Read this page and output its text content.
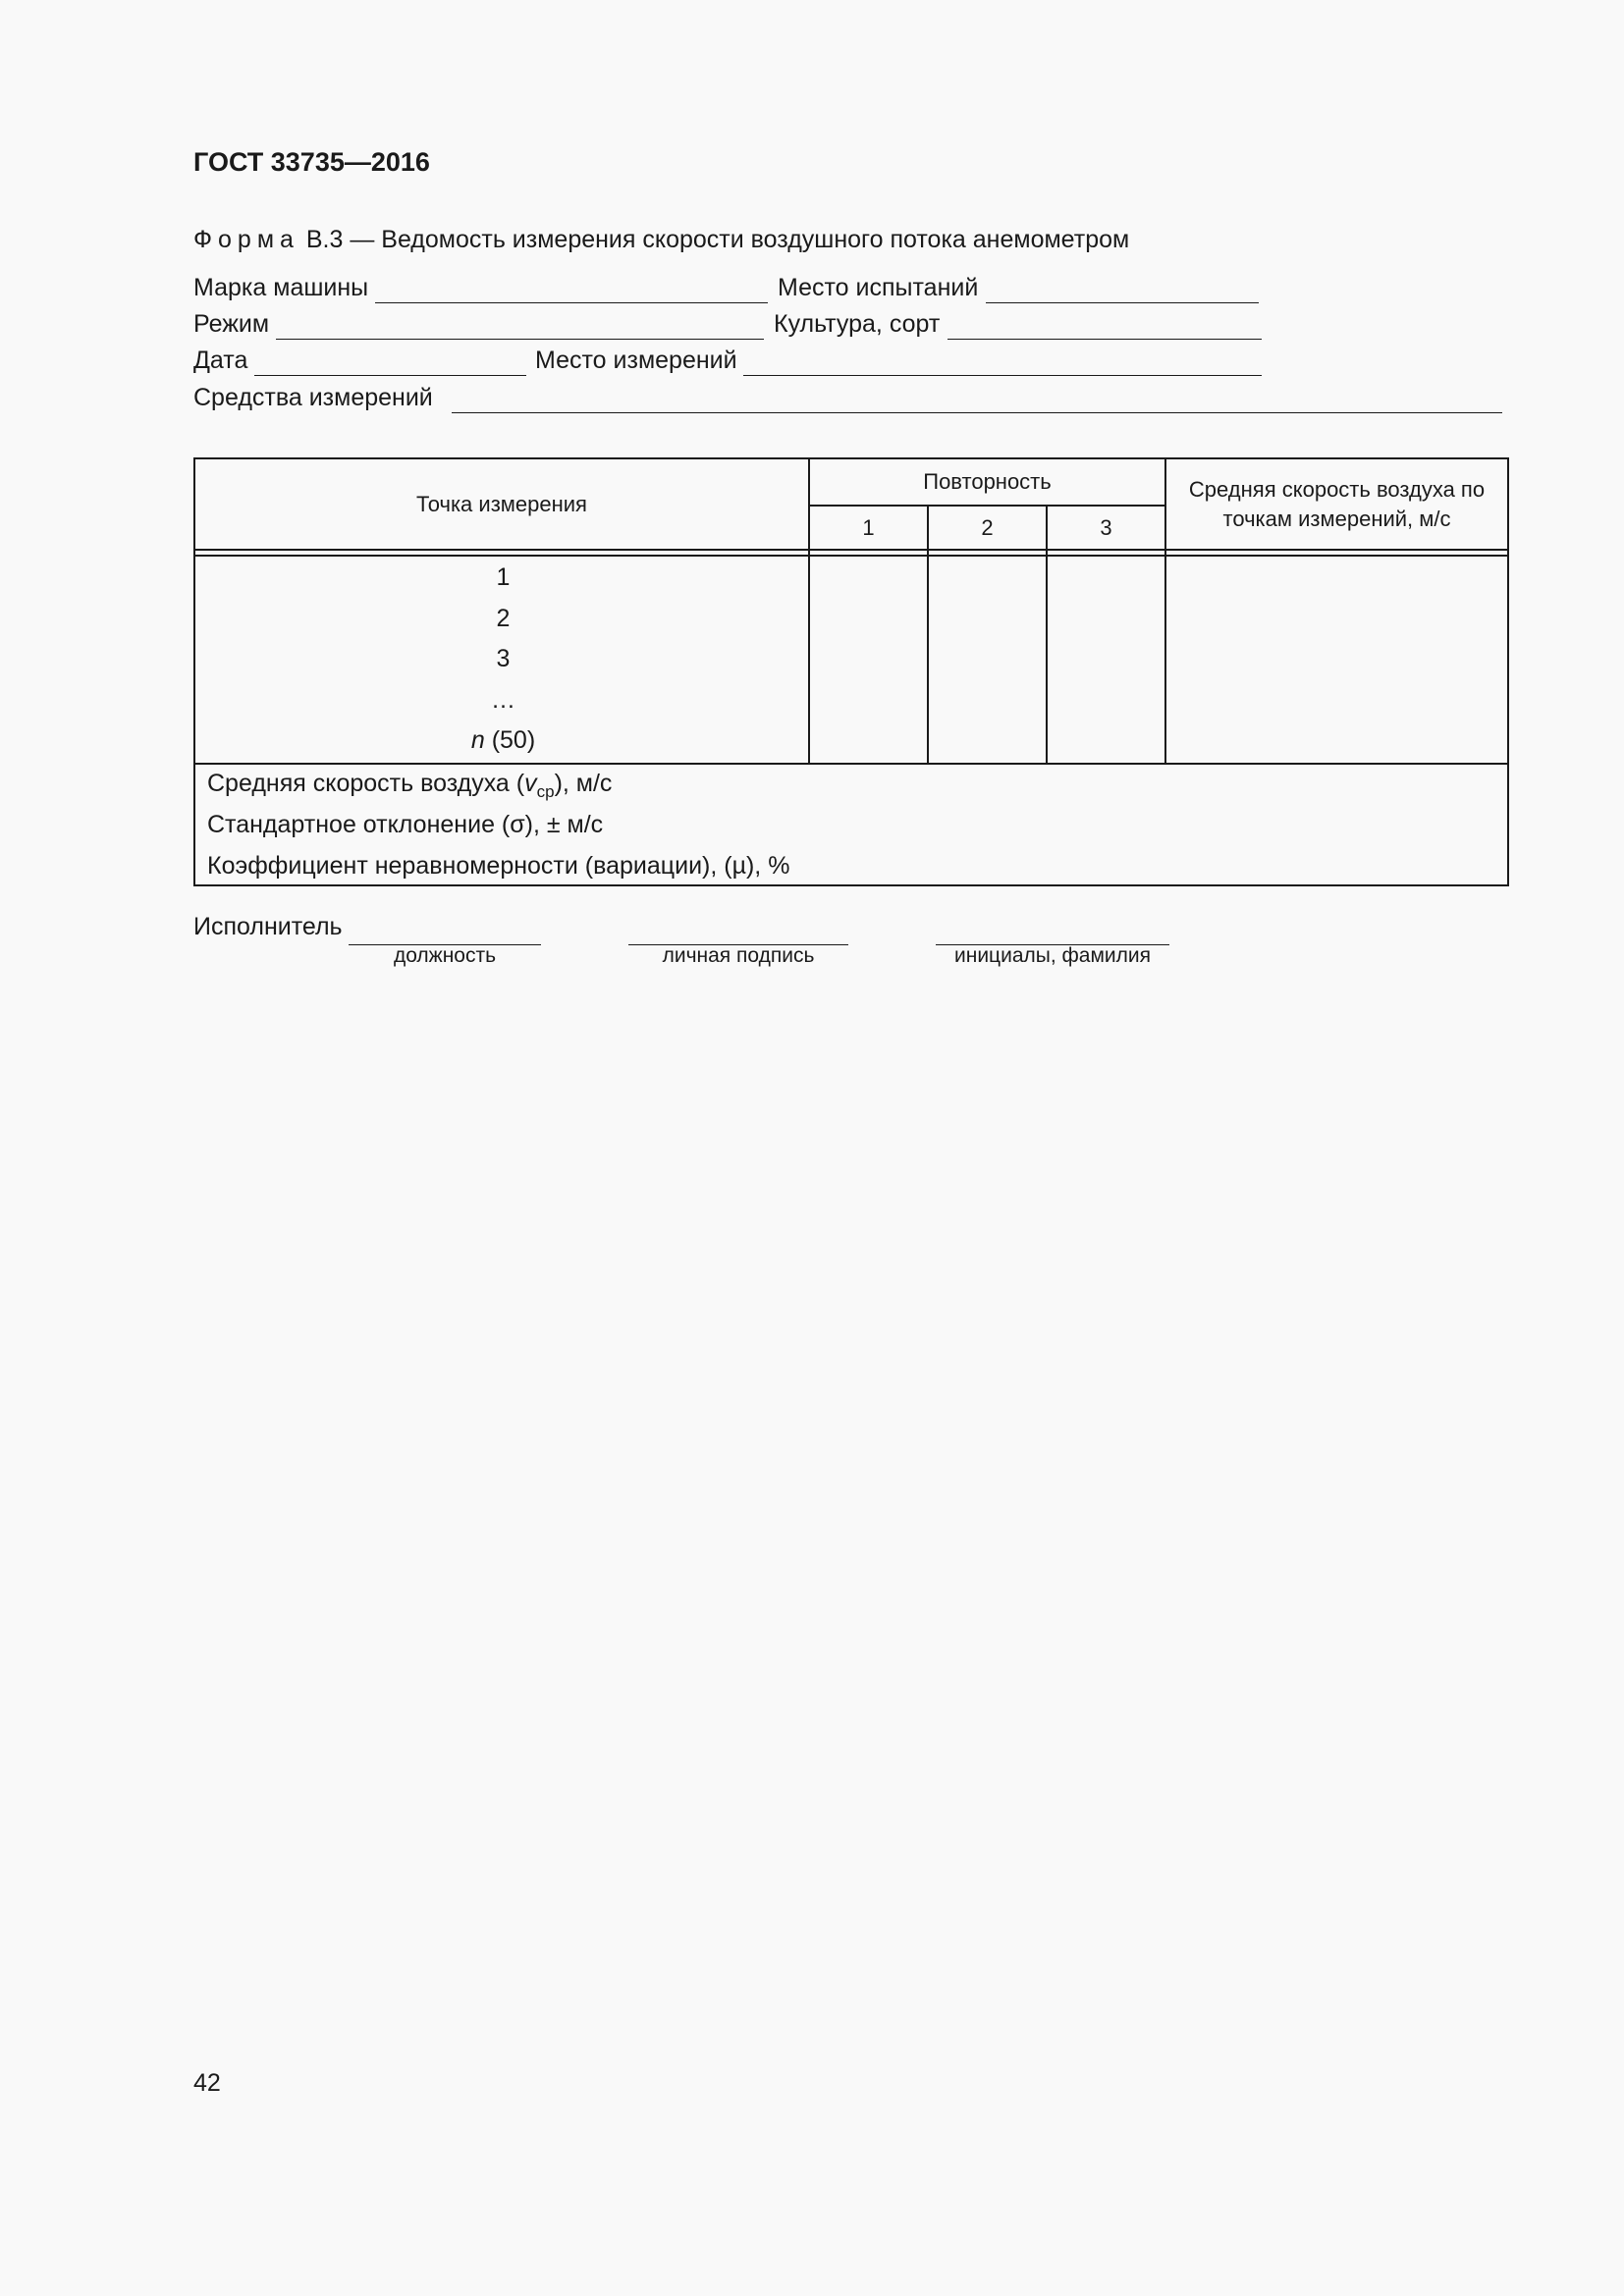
ГОСТ 33735—2016
Форма В.3 — Ведомость измерения скорости воздушного потока анемометром
Марка машины	Место испытаний
Режим	Культура, сорт
Дата	Место измерений
Средства измерений
Точка измерения
Повторность
1	2	3
Средняя скорость воздуха по точкам измерений, м/с
1
2
3
…
n (50)
Средняя скорость воздуха $(v_{ср})$, м/с
Стандартное отклонение (σ), ± м/с
Коэффициент неравномерности (вариации), (µ), %
Исполнитель
должность	личная подпись	инициалы, фамилия
42
